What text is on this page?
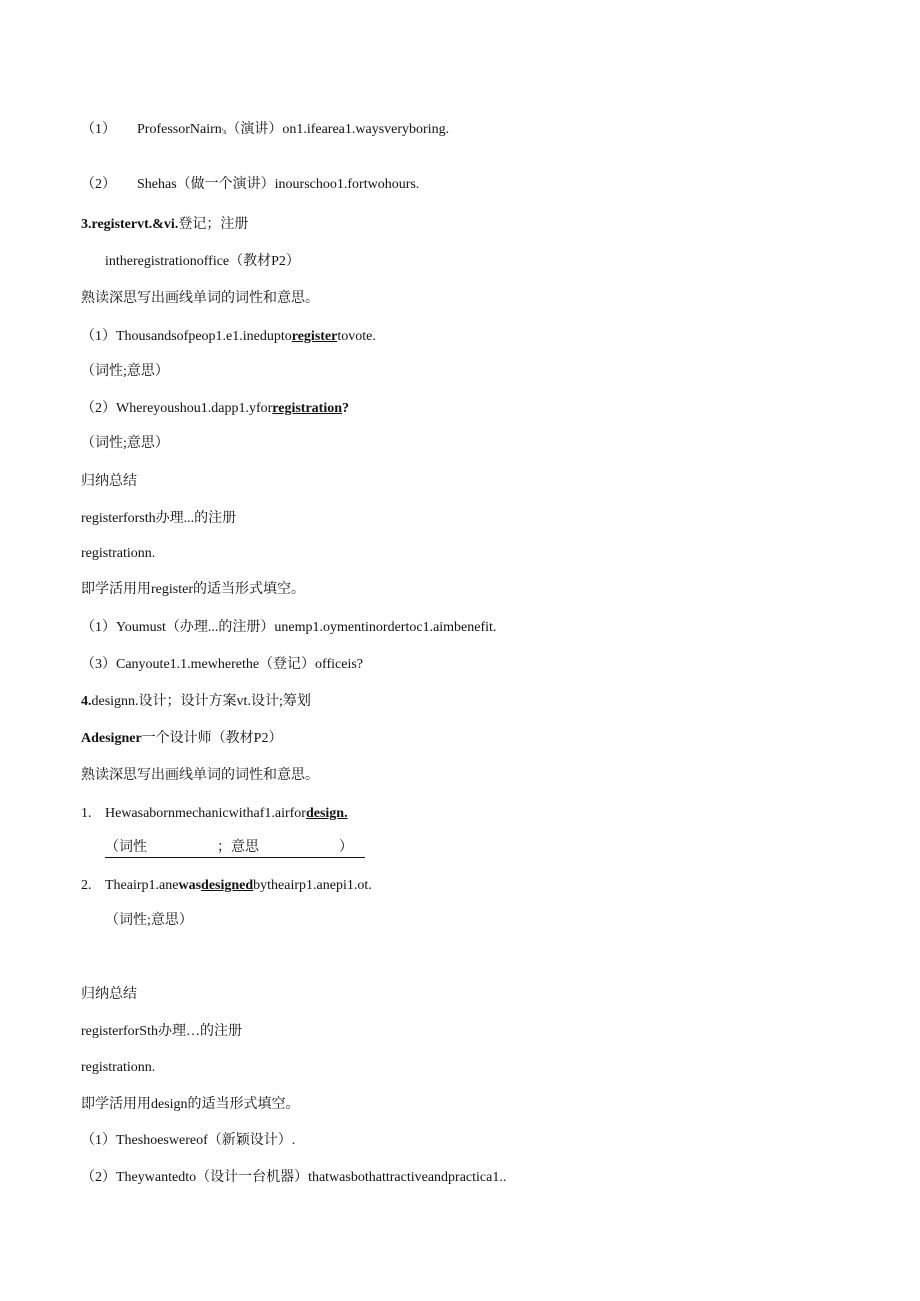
（1） ProfessorNairn's（演讲）on1.ifearea1.waysveryboring.
（2） Shehas（做一个演讲）inourschoo1.fortwohours.
3.registervt.&vi.登记；注册
intheregistrationoffice（教材P2）
熟读深思写出画线单词的词性和意思。
（1）Thousandsofpeop1.e1.ineduptoregistertovote.
（词性;意思）
（2）Whereyoushou1.dapp1.yforregistration?
（词性;意思）
归纳总结
registerforsth办理...的注册
registrationn.
即学活用用register的适当形式填空。
（1）Youmust（办理...的注册）unemp1.oymentinordertoc1.aimbenefit.
（3）Canyoute1.1.mewherethe（登记）officeis?
4.designn.设计；设计方案vt.设计;筹划
Adesigner一个设计师（教材P2）
熟读深思写出画线单词的词性和意思。
1. Hewasabornmechanicwithaf1.airfordesign.
（词性	；意思	）
2. Theairp1.anewasdesignedbytheairp1.anepi1.ot.
（词性;意思）
归纳总结
registerforSth办理…的注册
registrationn.
即学活用用design的适当形式填空。
（1）Theshoeswereof（新颖设计）.
（2）Theywantedto（设计一台机器）thatwasbothattractiveandpractica1..
